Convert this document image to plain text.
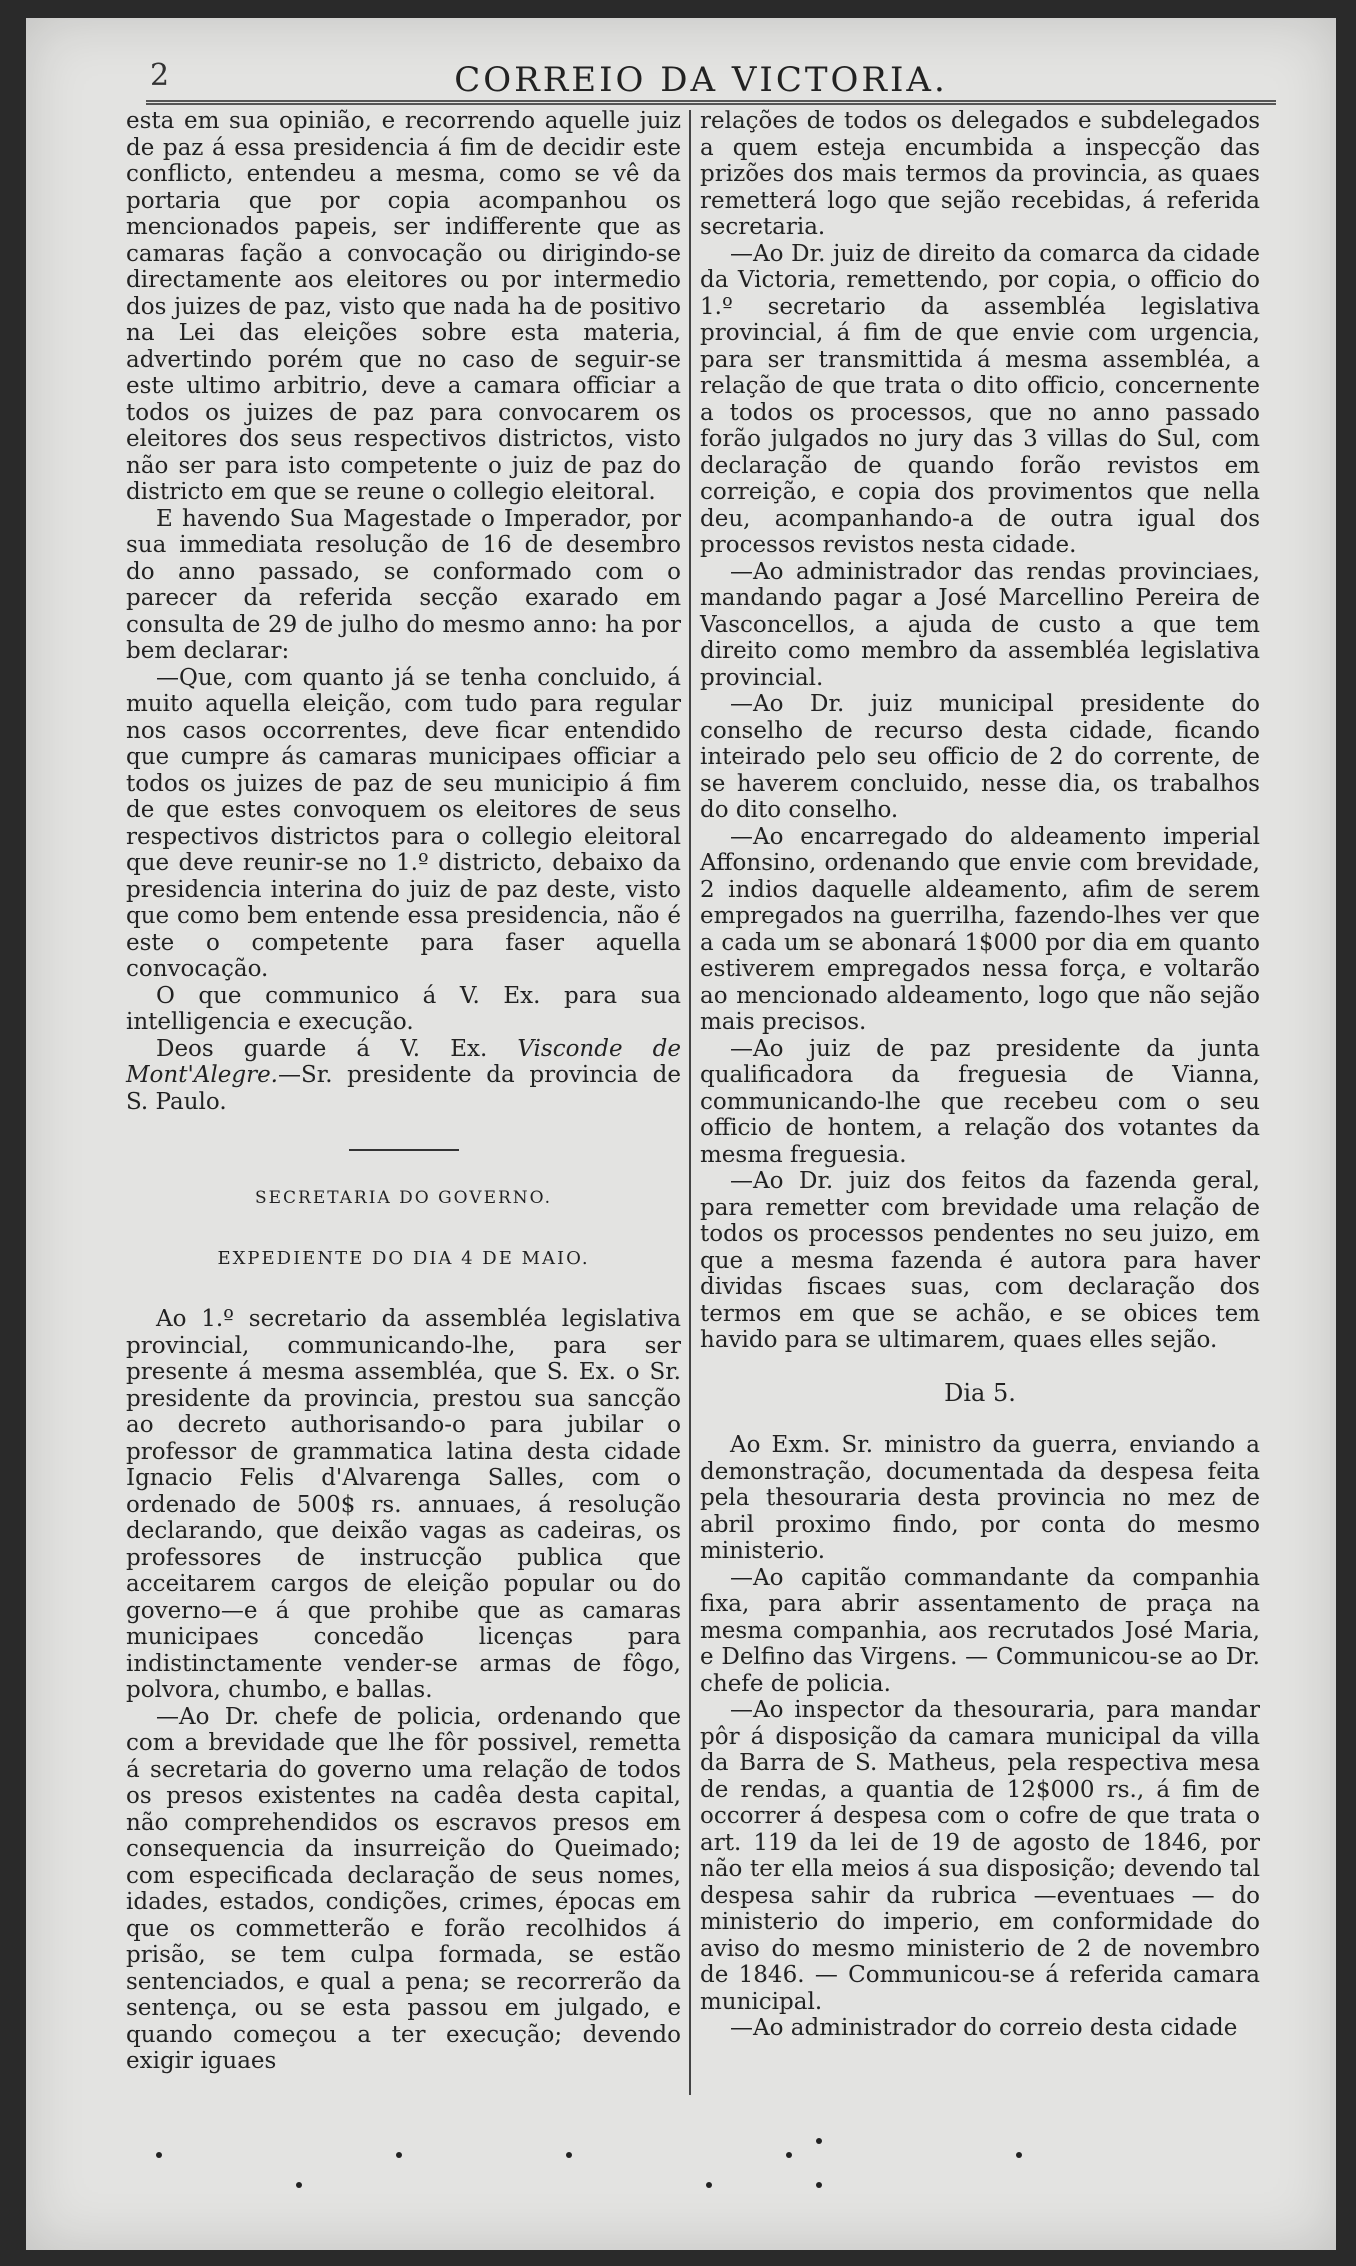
2	CORREIO DA VICTORIA.

esta em sua opinião, e recorrendo aquelle juiz de paz á essa presidencia á fim de decidir este conflicto, entendeu a mesma, como se vê da portaria que por copia acompanhou os mencionados papeis, ser indifferente que as camaras fação a convocação ou dirigindo-se directamente aos eleitores ou por intermedio dos juizes de paz, visto que nada ha de positivo na Lei das eleições sobre esta materia, advertindo porém que no caso de seguir-se este ultimo arbitrio, deve a camara officiar a todos os juizes de paz para convocarem os eleitores dos seus respectivos districtos, visto não ser para isto competente o juiz de paz do districto em que se reune o collegio eleitoral.

E havendo Sua Magestade o Imperador, por sua immediata resolução de 16 de desembro do anno passado, se conformado com o parecer da referida secção exarado em consulta de 29 de julho do mesmo anno: ha por bem declarar:

—Que, com quanto já se tenha concluido, á muito aquella eleição, com tudo para regular nos casos occorrentes, deve ficar entendido que cumpre ás camaras municipaes officiar a todos os juizes de paz de seu municipio á fim de que estes convoquem os eleitores de seus respectivos districtos para o collegio eleitoral que deve reunir-se no 1.º districto, debaixo da presidencia interina do juiz de paz deste, visto que como bem entende essa presidencia, não é este o competente para faser aquella convocação.

O que communico á V. Ex. para sua intelligencia e execução.

Deos guarde á V. Ex. Visconde de Mont'Alegre.—Sr. presidente da provincia de S. Paulo.

SECRETARIA DO GOVERNO.
EXPEDIENTE DO DIA 4 DE MAIO.

Ao 1.º secretario da assembléa legislativa provincial, communicando-lhe, para ser presente á mesma assembléa, que S. Ex. o Sr. presidente da provincia, prestou sua sancção ao decreto authorisando-o para jubilar o professor de grammatica latina desta cidade Ignacio Felis d'Alvarenga Salles, com o ordenado de 500$ rs. annuaes, á resolução declarando, que deixão vagas as cadeiras, os professores de instrucção publica que acceitarem cargos de eleição popular ou do governo—e á que prohibe que as camaras municipaes concedão licenças para indistinctamente vender-se armas de fôgo, polvora, chumbo, e ballas.

—Ao Dr. chefe de policia, ordenando que com a brevidade que lhe fôr possivel, remetta á secretaria do governo uma relação de todos os presos existentes na cadêa desta capital, não comprehendidos os escravos presos em consequencia da insurreição do Queimado; com especificada declaração de seus nomes, idades, estados, condições, crimes, épocas em que os commetterão e forão recolhidos á prisão, se tem culpa formada, se estão sentenciados, e qual a pena; se recorrerão da sentença, ou se esta passou em julgado, e quando começou a ter execução; devendo exigir iguaes

relações de todos os delegados e subdelegados a quem esteja encumbida a inspecção das prizões dos mais termos da provincia, as quaes remetterá logo que sejão recebidas, á referida secretaria.

—Ao Dr. juiz de direito da comarca da cidade da Victoria, remettendo, por copia, o officio do 1.º secretario da assembléa legislativa provincial, á fim de que envie com urgencia, para ser transmittida á mesma assembléa, a relação de que trata o dito officio, concernente a todos os processos, que no anno passado forão julgados no jury das 3 villas do Sul, com declaração de quando forão revistos em correição, e copia dos provimentos que nella deu, acompanhando-a de outra igual dos processos revistos nesta cidade.

—Ao administrador das rendas provinciaes, mandando pagar a José Marcellino Pereira de Vasconcellos, a ajuda de custo a que tem direito como membro da assembléa legislativa provincial.

—Ao Dr. juiz municipal presidente do conselho de recurso desta cidade, ficando inteirado pelo seu officio de 2 do corrente, de se haverem concluido, nesse dia, os trabalhos do dito conselho.

—Ao encarregado do aldeamento imperial Affonsino, ordenando que envie com brevidade, 2 indios daquelle aldeamento, afim de serem empregados na guerrilha, fazendo-lhes ver que a cada um se abonará 1$000 por dia em quanto estiverem empregados nessa força, e voltarão ao mencionado aldeamento, logo que não sejão mais precisos.

—Ao juiz de paz presidente da junta qualificadora da freguesia de Vianna, communicando-lhe que recebeu com o seu officio de hontem, a relação dos votantes da mesma freguesia.

—Ao Dr. juiz dos feitos da fazenda geral, para remetter com brevidade uma relação de todos os processos pendentes no seu juizo, em que a mesma fazenda é autora para haver dividas fiscaes suas, com declaração dos termos em que se achão, e se obices tem havido para se ultimarem, quaes elles sejão.

Dia 5.

Ao Exm. Sr. ministro da guerra, enviando a demonstração, documentada da despesa feita pela thesouraria desta provincia no mez de abril proximo findo, por conta do mesmo ministerio.

—Ao capitão commandante da companhia fixa, para abrir assentamento de praça na mesma companhia, aos recrutados José Maria, e Delfino das Virgens. — Communicou-se ao Dr. chefe de policia.

—Ao inspector da thesouraria, para mandar pôr á disposição da camara municipal da villa da Barra de S. Matheus, pela respectiva mesa de rendas, a quantia de 12$000 rs., á fim de occorrer á despesa com o cofre de que trata o art. 119 da lei de 19 de agosto de 1846, por não ter ella meios á sua disposição; devendo tal despesa sahir da rubrica —eventuaes — do ministerio do imperio, em conformidade do aviso do mesmo ministerio de 2 de novembro de 1846. — Communicou-se á referida camara municipal.

—Ao administrador do correio desta cidade
